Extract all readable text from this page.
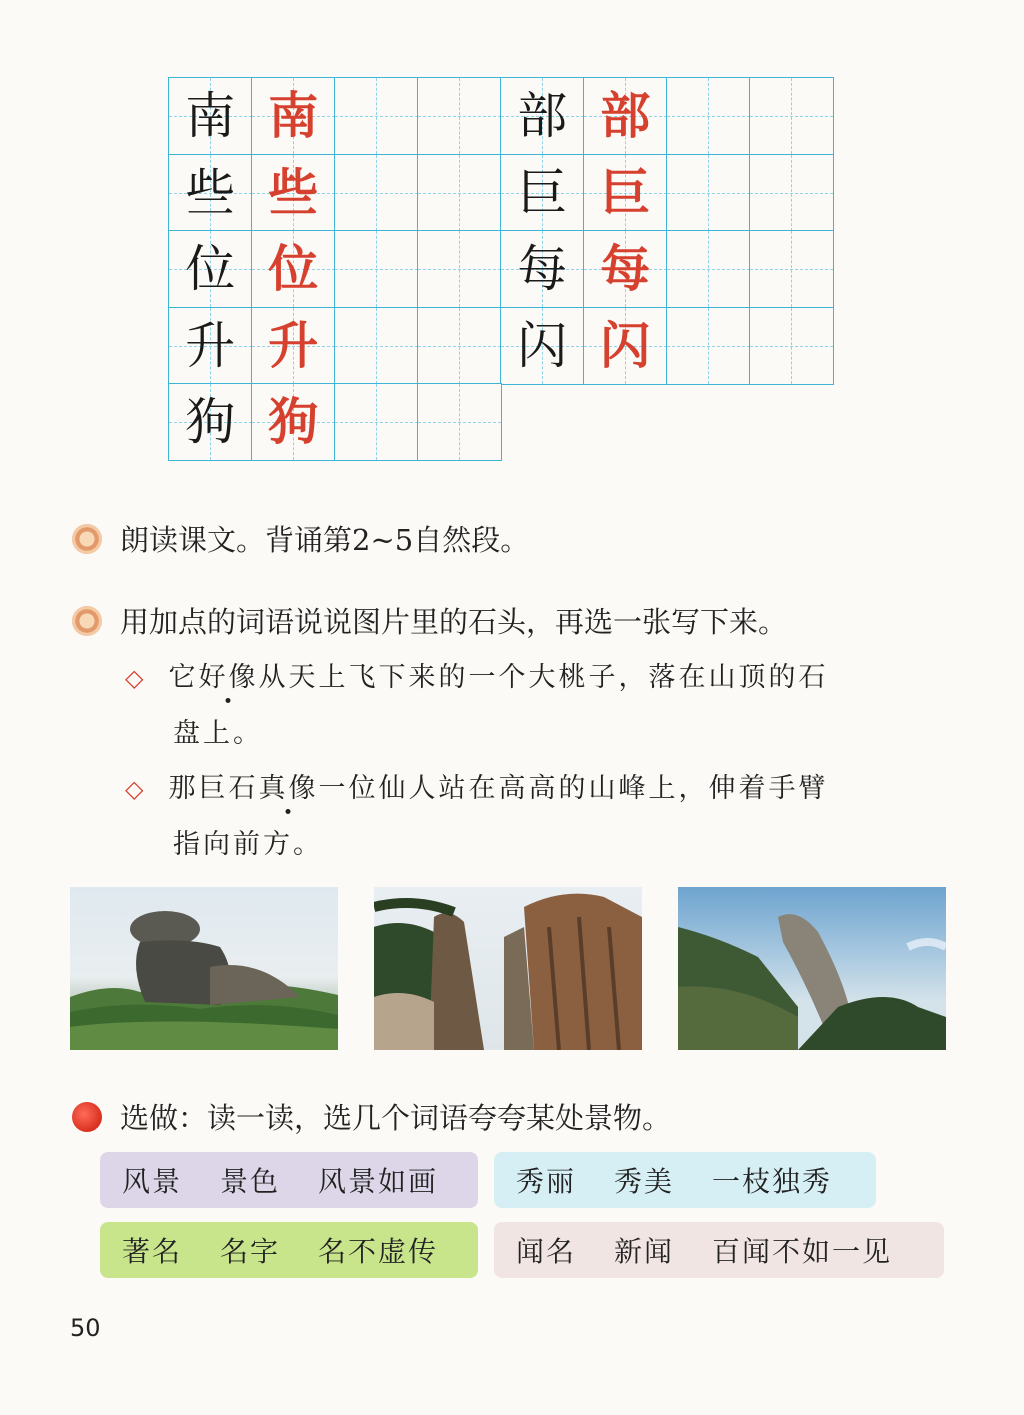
南 南	部 部
些 些	巨 巨
位 位	每 每
升 升	闪 闪
狗 狗
朗读课文。背诵第2~5自然段。
用加点的词语说说图片里的石头，再选一张写下来。
◇ 它好像从天上飞下来的一个大桃子，落在山顶的石
盘上。
◇ 那巨石真像一位仙人站在高高的山峰上，伸着手臂
指向前方。
选做：读一读，选几个词语夸夸某处景物。
风景 景色 风景如画	秀丽 秀美 一枝独秀
著名 名字 名不虚传	闻名 新闻 百闻不如一见
50
